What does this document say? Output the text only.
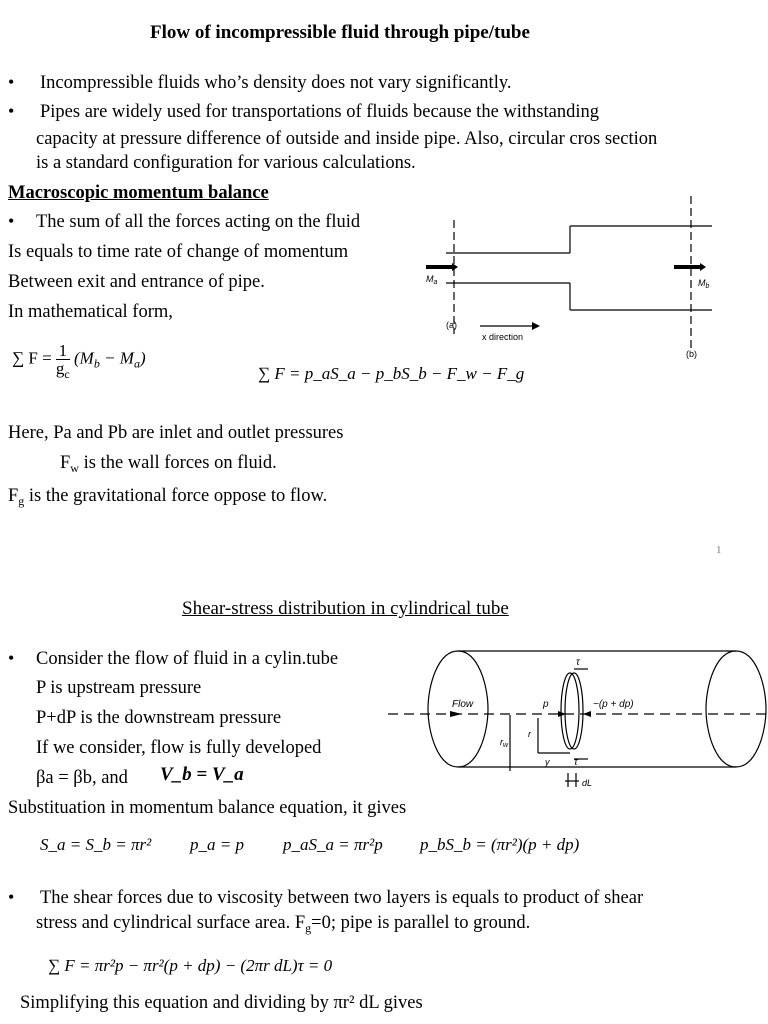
Flow of incompressible fluid through pipe/tube
• Incompressible fluids who’s density does not vary significantly.
• Pipes are widely used for transportations of fluids because the withstanding
capacity at pressure difference of outside and inside pipe. Also, circular cros section
is a standard configuration for various calculations.
Macroscopic momentum balance
• The sum of all the forces acting on the fluid
Is equals to time rate of change of momentum
Between exit and entrance of pipe.
In mathematical form,
$M_a$	$M_b$
(a)
(b)
x direction
∑ $F = \frac{1}{g_c} (M_b - M_a)$
∑ F = p_aS_a − p_bS_b − F_w − F_g
Here, Pa and Pb are inlet and outlet pressures
$F_w$ is the wall forces on fluid.
$F_g$ is the gravitational force oppose to flow.
1
Shear-stress distribution in cylindrical tube
• Consider the flow of fluid in a cylin.tube
P is upstream pressure
P+dP is the downstream pressure
If we consider, flow is fully developed
βa = βb, and V_b = V_a
Flow	p	−(p + dp)
τ
τ
$r_w$
r
y
dL
Substituation in momentum balance equation, it gives
S_a = S_b = πr² p_a = p p_aS_a = πr²p p_bS_b = (πr²)(p + dp)
• The shear forces due to viscosity between two layers is equals to product of shear
stress and cylindrical surface area. $F_g=0$; pipe is parallel to ground.
∑ F = πr²p − πr²(p + dp) − (2πr dL)τ = 0
Simplifying this equation and dividing by πr² dL gives
